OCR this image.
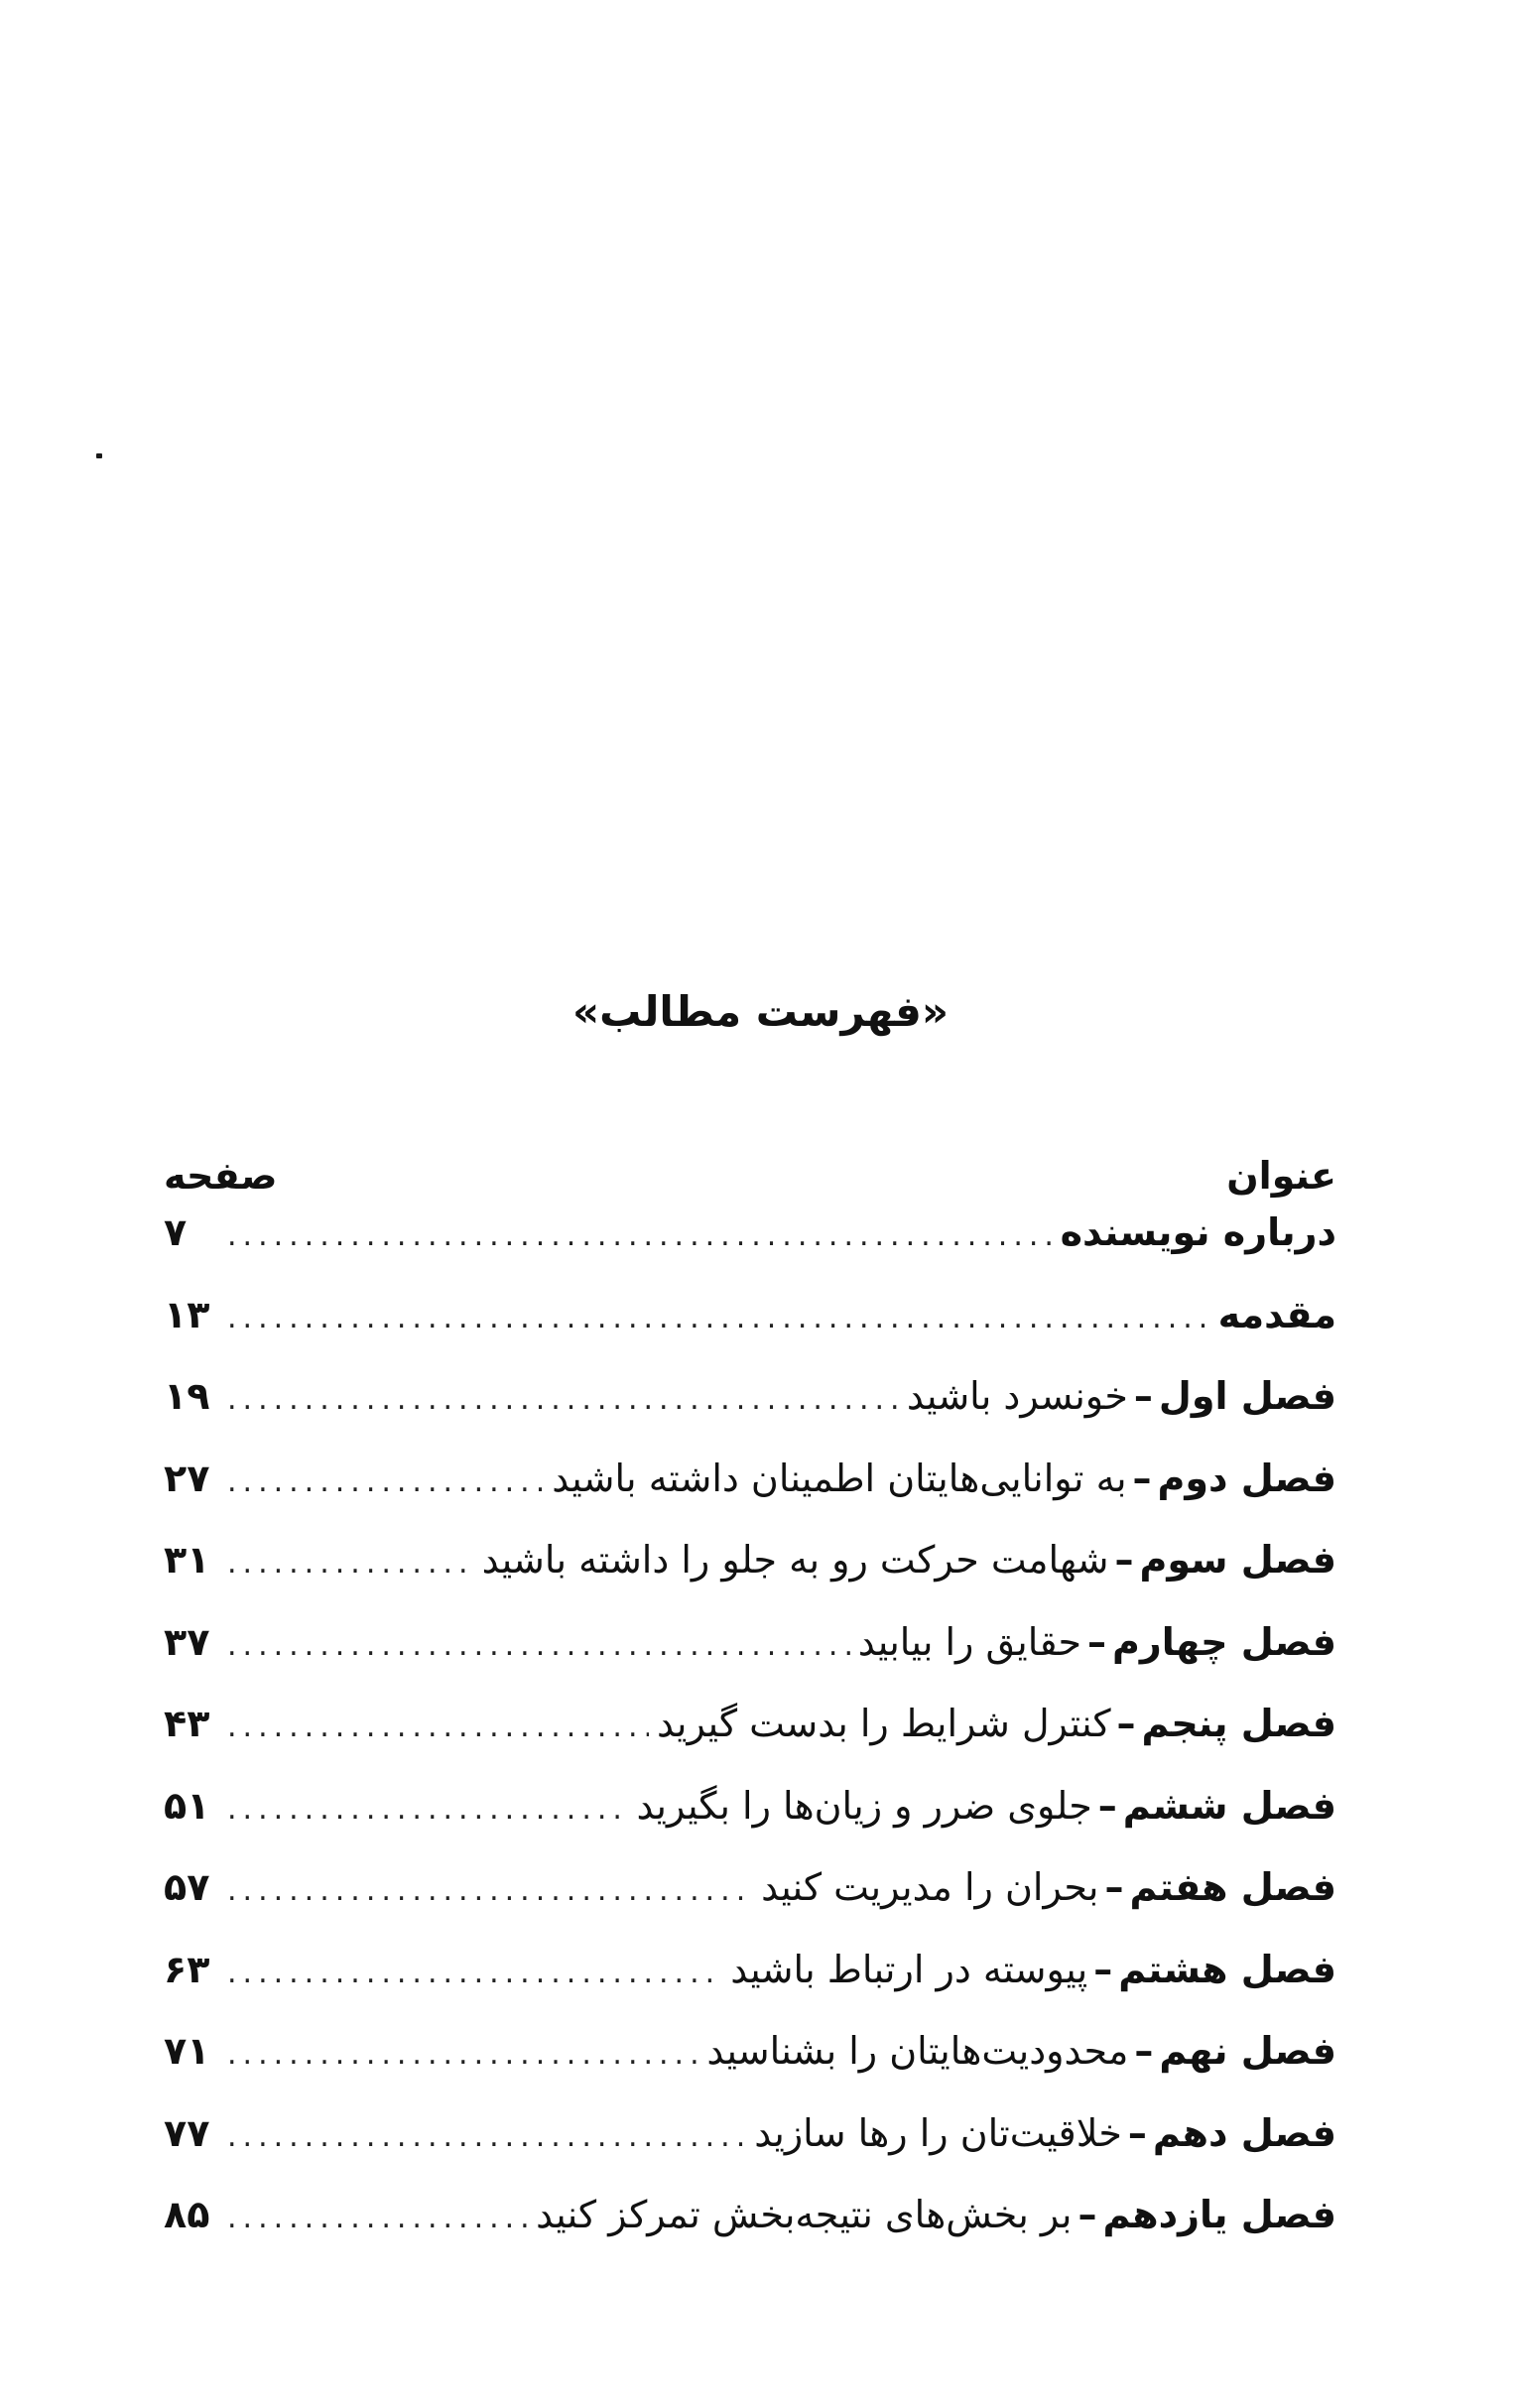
«فهرست مطالب»
عنوان
صفحه
درباره نویسنده
.....
۷
مقدمه
.....
۱۳
فصل اول
–
خونسرد باشید
.....
۱۹
فصل دوم
–
به توانایی‌هایتان اطمینان داشته باشید
.....
۲۷
فصل سوم
–
شهامت حرکت رو به جلو را داشته باشید
.....
۳۱
فصل چهارم
–
حقایق را بیابید
.....
۳۷
فصل پنجم
–
کنترل شرایط را بدست گیرید
.....
۴۳
فصل ششم
–
جلوی ضرر و زیان‌ها را بگیرید
.....
۵۱
فصل هفتم
–
بحران را مدیریت کنید
.....
۵۷
فصل هشتم
–
پیوسته در ارتباط باشید
.....
۶۳
فصل نهم
–
محدودیت‌هایتان را بشناسید
.....
۷۱
فصل دهم
–
خلاقیت‌تان را رها سازید
.....
۷۷
فصل یازدهم
–
بر بخش‌های نتیجه‌بخش تمرکز کنید
.....
۸۵
